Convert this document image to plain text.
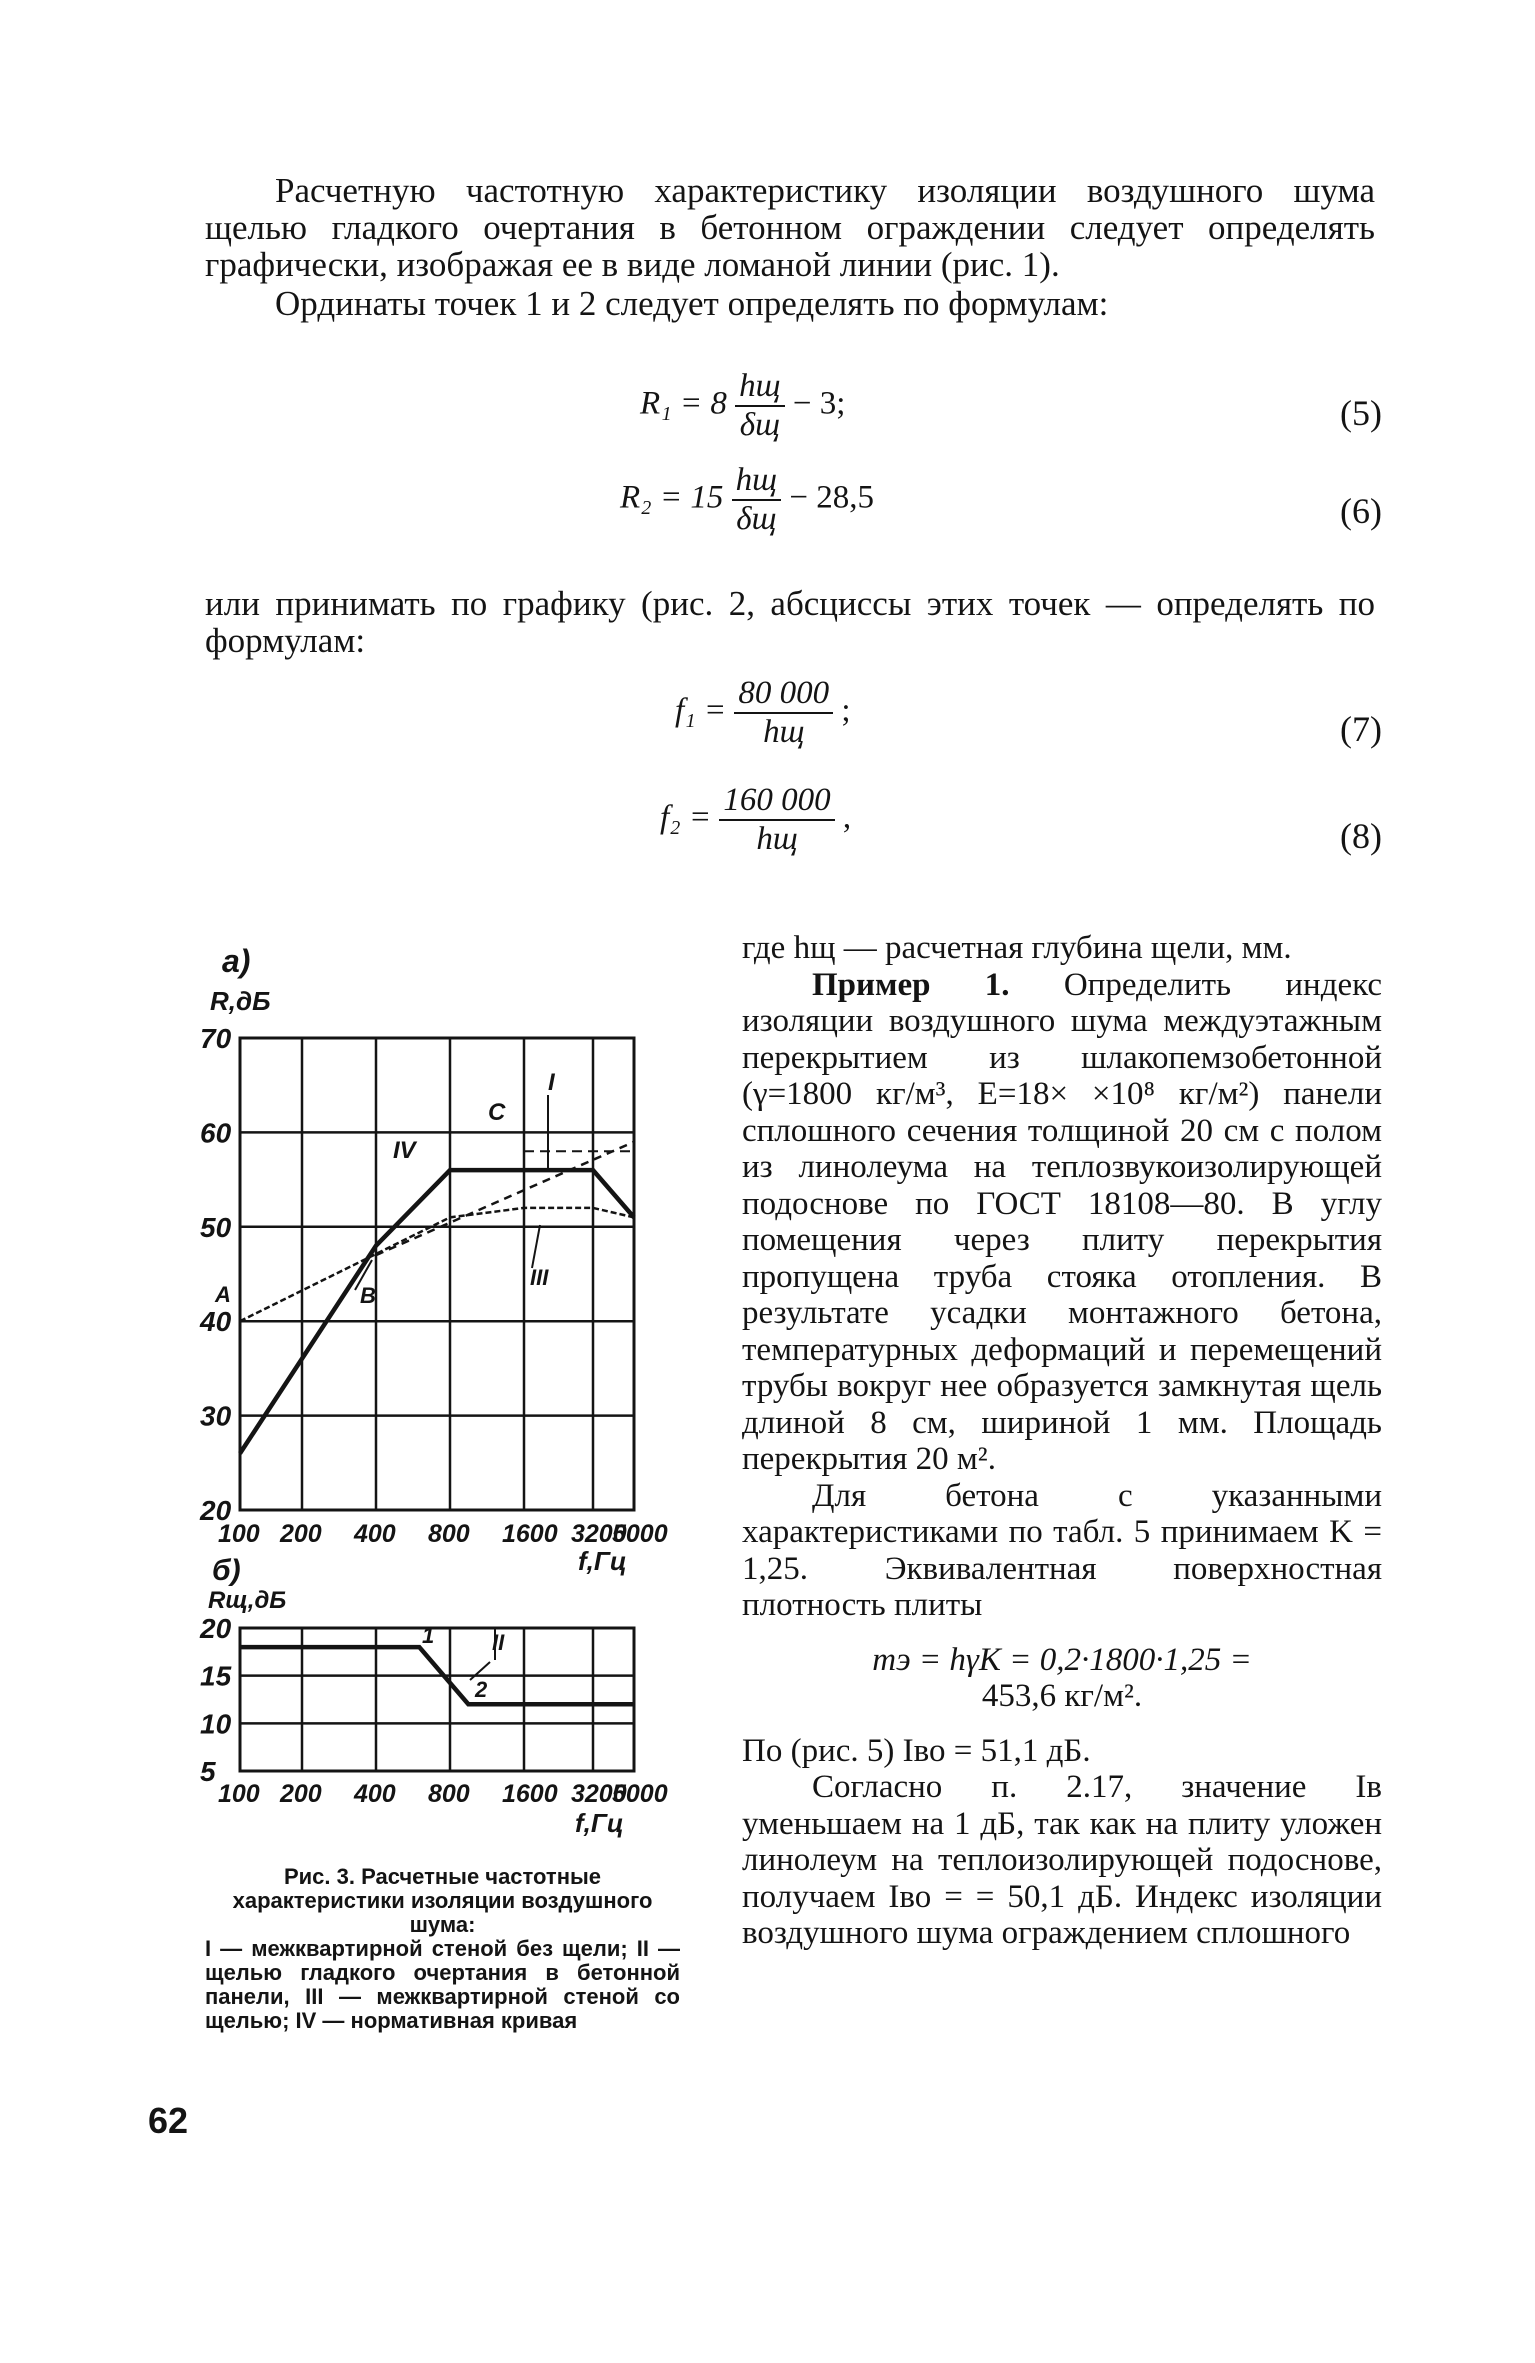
Расчетную частотную характеристику изоляции воздушного шума щелью гладкого очертания в бетонном ограждении следует определять графически, изображая ее в виде ломаной линии (рис. 1).
Ординаты точек 1 и 2 следует определять по формулам:
$R_1 = 8 \frac{hщ}{\delta щ} - 3$;	(5)
$R_2 = 15 \frac{hщ}{\delta щ} - 28,5$	(6)
или принимать по графику (рис. 2, абсциссы этих точек — определять по формулам:
$f_1 = \frac{80 000}{hщ}$ ;	(7)
$f_2 = \frac{160 000}{hщ}$ ,	(8)

где hщ — расчетная глубина щели, мм.

Пример 1. Определить индекс изоляции воздушного шума междуэтажным перекрытием из шлакопемзобетонной (γ=1800 кг/м³, E=18× ×10⁸ кг/м²) панели сплошного сечения толщиной 20 см с полом из линолеума на теплозвукоизолирующей подоснове по ГОСТ 18108—80. В углу помещения через плиту перекрытия пропущена труба стояка отопления. В результате усадки монтажного бетона, температурных деформаций и перемещений трубы вокруг нее образуется замкнутая щель длиной 8 см, шириной 1 мм. Площадь перекрытия 20 м².

Для бетона с указанными характеристиками по табл. 5 принимаем K = 1,25. Эквивалентная поверхностная плотность плиты

mэ = hγK = 0,2·1800·1,25 =

453,6 кг/м².

По (рис. 5) Iво = 51,1 дБ.

Согласно п. 2.17, значение Iв уменьшаем на 1 дБ, так как на плиту уложен линолеум на теплоизолирующей подоснове, получаем Iво = = 50,1 дБ. Индекс изоляции воздушного шума ограждением сплошного

а)
R,дБ
70
60
50
40
30
20
100 200 400 800 1600 3200
5000
f,Гц
C
I
IV
B
A
III
б)
Rщ,дБ
20
15
10
5
100 200 400 800 1600 3200
5000
f,Гц
1	II
2
Рис. 3. Расчетные частотные характеристики изоляции воздушного шума:
I — межквартирной стеной без щели; II — щелью гладкого очертания в бетонной панели, III — межквартирной стеной со щелью; IV — нормативная кривая
62
